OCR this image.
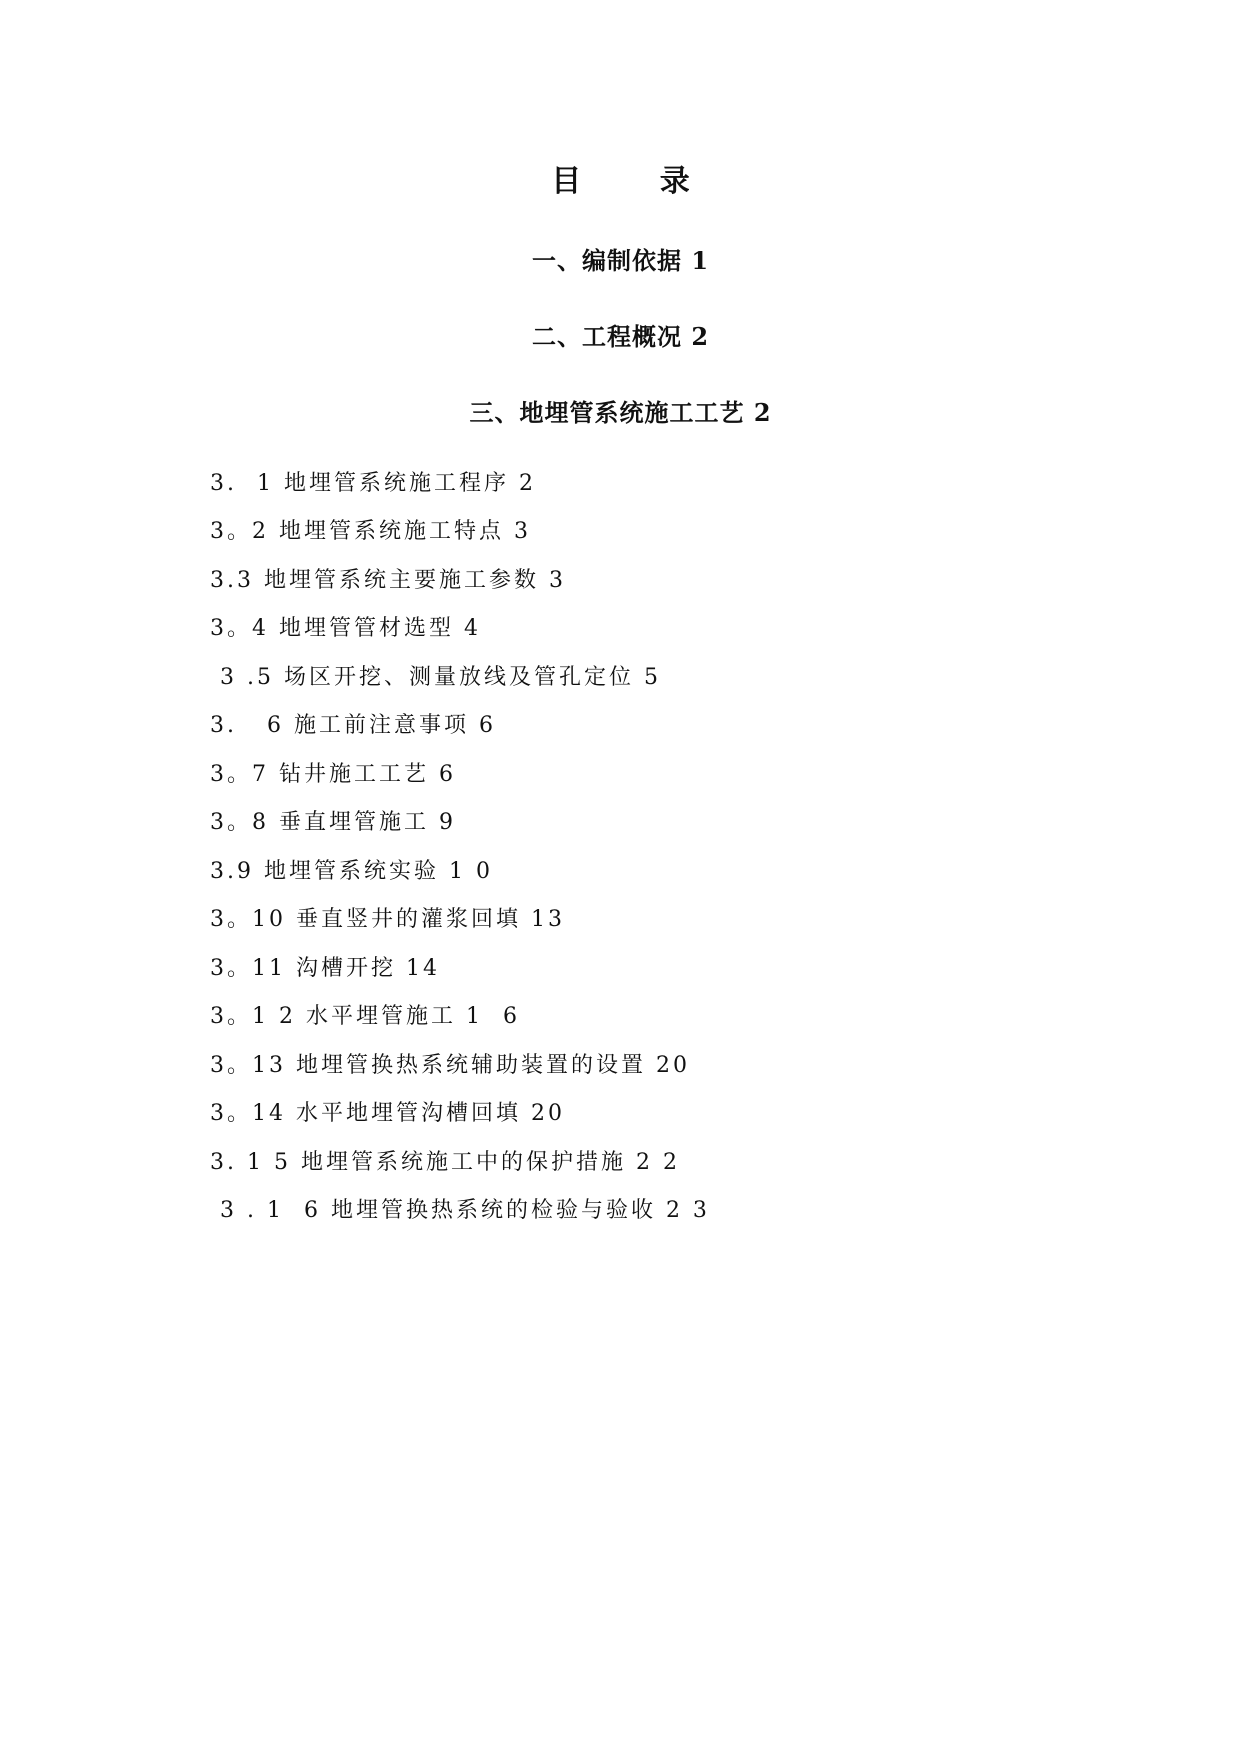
目 录
一、编制依据 1
二、工程概况 2
三、地埋管系统施工工艺 2
3.  1 地埋管系统施工程序 2
3。2 地埋管系统施工特点 3
3.3 地埋管系统主要施工参数 3
3。4 地埋管管材选型 4
3 .5 场区开挖、测量放线及管孔定位 5
3.   6 施工前注意事项 6
3。7 钻井施工工艺 6
3。8 垂直埋管施工 9
3.9 地埋管系统实验 1 0
3。10 垂直竖井的灌浆回填 13
3。11 沟槽开挖 14
3。1 2 水平埋管施工 1  6
3。13 地埋管换热系统辅助装置的设置 20
3。14 水平地埋管沟槽回填 20
3. 1 5 地埋管系统施工中的保护措施 2 2
3 . 1  6 地埋管换热系统的检验与验收 2 3
